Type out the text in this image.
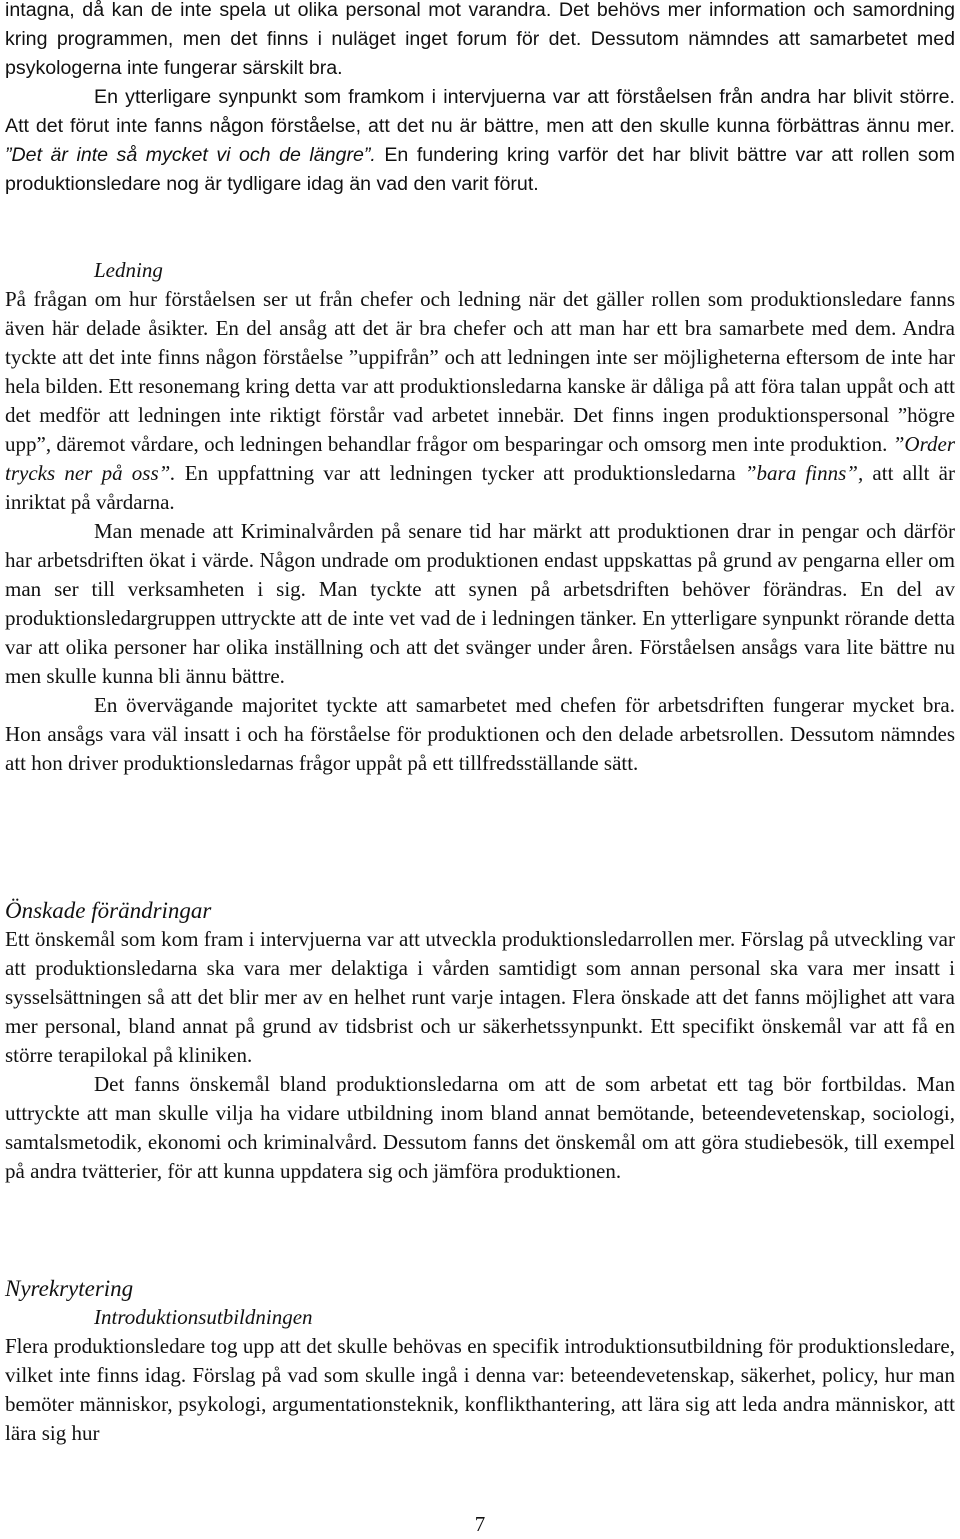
intagna, då kan de inte spela ut olika personal mot varandra. Det behövs mer information och samordning kring programmen, men det finns i nuläget inget forum för det. Dessutom nämndes att samarbetet med psykologerna inte fungerar särskilt bra.

En ytterligare synpunkt som framkom i intervjuerna var att förståelsen från andra har blivit större. Att det förut inte fanns någon förståelse, att det nu är bättre, men att den skulle kunna förbättras ännu mer. ”Det är inte så mycket vi och de längre”. En fundering kring varför det har blivit bättre var att rollen som produktionsledare nog är tydligare idag än vad den varit förut.

Ledning

På frågan om hur förståelsen ser ut från chefer och ledning när det gäller rollen som produktionsledare fanns även här delade åsikter. En del ansåg att det är bra chefer och att man har ett bra samarbete med dem. Andra tyckte att det inte finns någon förståelse ”uppifrån” och att ledningen inte ser möjligheterna eftersom de inte har hela bilden. Ett resonemang kring detta var att produktionsledarna kanske är dåliga på att föra talan uppåt och att det medför att ledningen inte riktigt förstår vad arbetet innebär. Det finns ingen produktionspersonal ”högre upp”, däremot vårdare, och ledningen behandlar frågor om besparingar och omsorg men inte produktion. ”Order trycks ner på oss”. En uppfattning var att ledningen tycker att produktionsledarna ”bara finns”, att allt är inriktat på vårdarna.

Man menade att Kriminalvården på senare tid har märkt att produktionen drar in pengar och därför har arbetsdriften ökat i värde. Någon undrade om produktionen endast uppskattas på grund av pengarna eller om man ser till verksamheten i sig. Man tyckte att synen på arbetsdriften behöver förändras. En del av produktionsledargruppen uttryckte att de inte vet vad de i ledningen tänker. En ytterligare synpunkt rörande detta var att olika personer har olika inställning och att det svänger under åren. Förståelsen ansågs vara lite bättre nu men skulle kunna bli ännu bättre.

En övervägande majoritet tyckte att samarbetet med chefen för arbetsdriften fungerar mycket bra. Hon ansågs vara väl insatt i och ha förståelse för produktionen och den delade arbetsrollen. Dessutom nämndes att hon driver produktionsledarnas frågor uppåt på ett tillfredsställande sätt.

Önskade förändringar

Ett önskemål som kom fram i intervjuerna var att utveckla produktionsledarrollen mer. Förslag på utveckling var att produktionsledarna ska vara mer delaktiga i vården samtidigt som annan personal ska vara mer insatt i sysselsättningen så att det blir mer av en helhet runt varje intagen. Flera önskade att det fanns möjlighet att vara mer personal, bland annat på grund av tidsbrist och ur säkerhetssynpunkt. Ett specifikt önskemål var att få en större terapilokal på kliniken.

Det fanns önskemål bland produktionsledarna om att de som arbetat ett tag bör fortbildas. Man uttryckte att man skulle vilja ha vidare utbildning inom bland annat bemötande, beteendevetenskap, sociologi, samtalsmetodik, ekonomi och kriminalvård. Dessutom fanns det önskemål om att göra studiebesök, till exempel på andra tvätterier, för att kunna uppdatera sig och jämföra produktionen.

Nyrekrytering

Introduktionsutbildningen

Flera produktionsledare tog upp att det skulle behövas en specifik introduktionsutbildning för produktionsledare, vilket inte finns idag. Förslag på vad som skulle ingå i denna var: beteendevetenskap, säkerhet, policy, hur man bemöter människor, psykologi, argumentationsteknik, konflikthantering, att lära sig att leda andra människor, att lära sig hur

7
